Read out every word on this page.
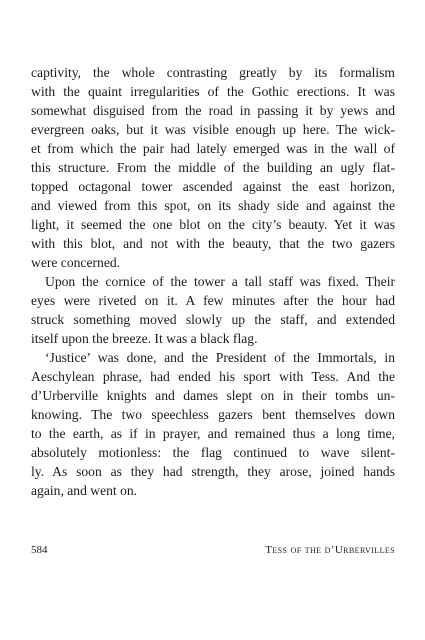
captivity, the whole contrasting greatly by its formalism
with the quaint irregularities of the Gothic erections. It was
somewhat disguised from the road in passing it by yews and
evergreen oaks, but it was visible enough up here. The wick-
et from which the pair had lately emerged was in the wall of
this structure. From the middle of the building an ugly flat-
topped octagonal tower ascended against the east horizon,
and viewed from this spot, on its shady side and against the
light, it seemed the one blot on the city’s beauty. Yet it was
with this blot, and not with the beauty, that the two gazers
were concerned.
Upon the cornice of the tower a tall staff was fixed. Their
eyes were riveted on it. A few minutes after the hour had
struck something moved slowly up the staff, and extended
itself upon the breeze. It was a black flag.
‘Justice’ was done, and the President of the Immortals, in
Aeschylean phrase, had ended his sport with Tess. And the
d’Urberville knights and dames slept on in their tombs un-
knowing. The two speechless gazers bent themselves down
to the earth, as if in prayer, and remained thus a long time,
absolutely motionless: the flag continued to wave silent-
ly. As soon as they had strength, they arose, joined hands
again, and went on.
584	Tess of the d’Urbervilles
